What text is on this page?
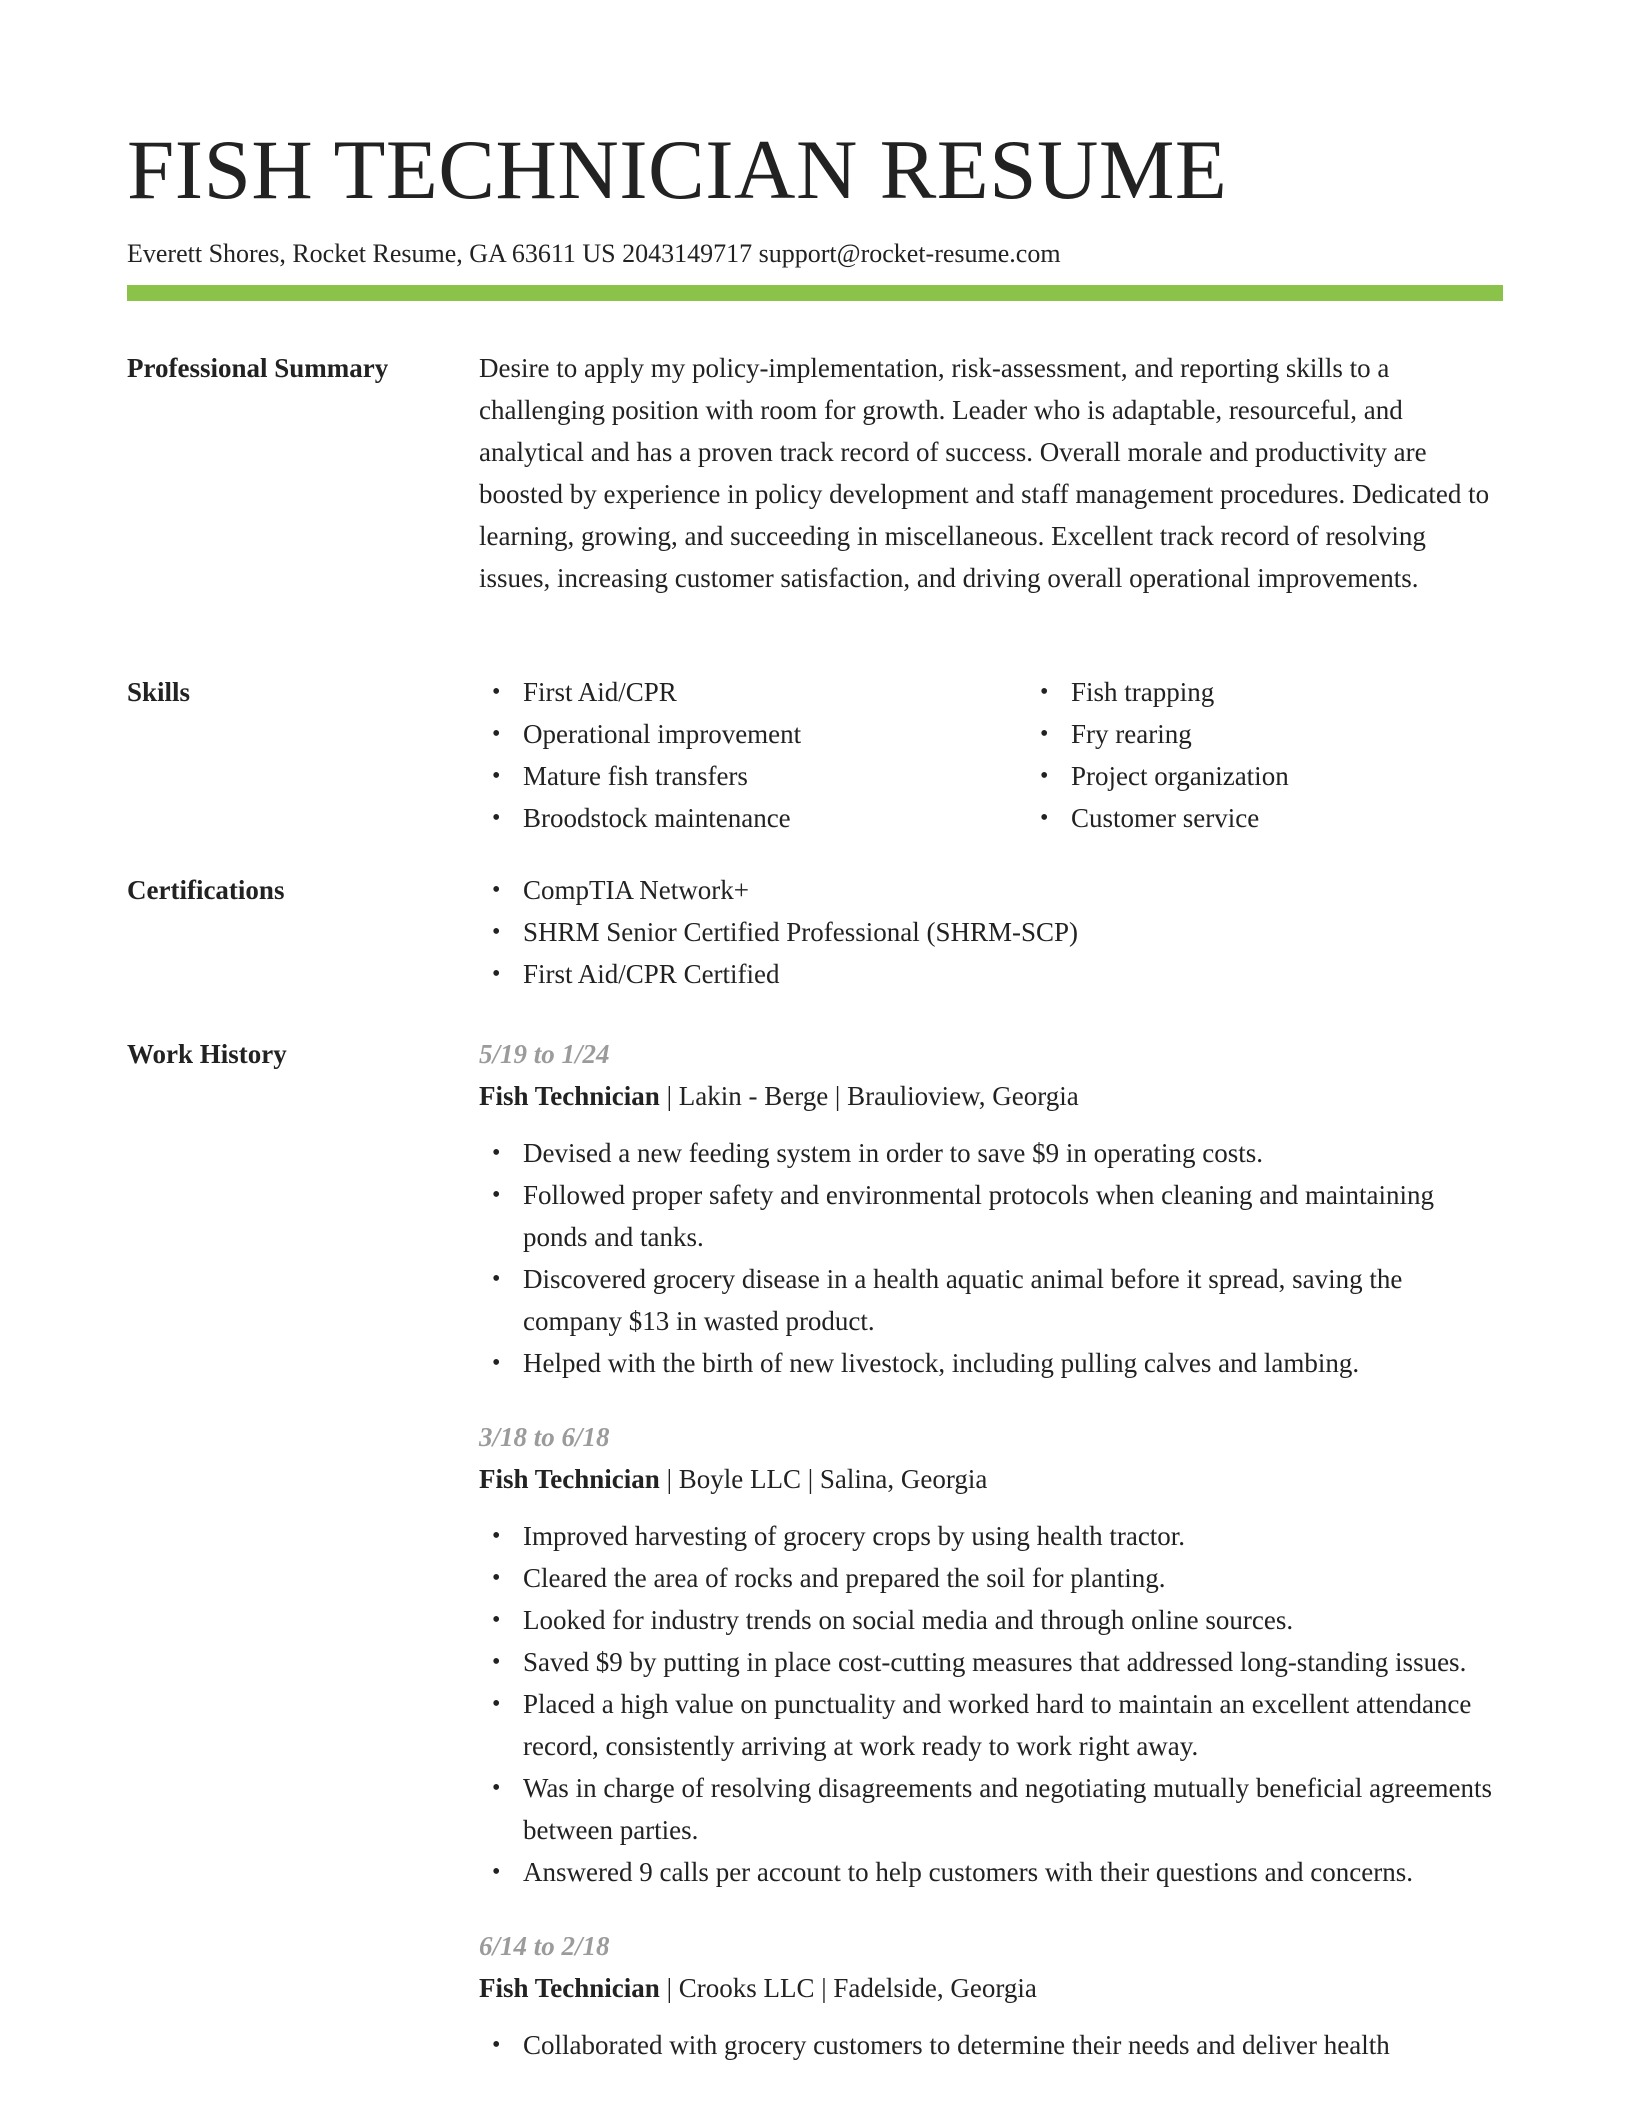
FISH TECHNICIAN RESUME
Everett Shores, Rocket Resume, GA 63611 US 2043149717 support@rocket-resume.com
Professional Summary	Desire to apply my policy-implementation, risk-assessment, and reporting skills to a challenging position with room for growth. Leader who is adaptable, resourceful, and analytical and has a proven track record of success. Overall morale and productivity are boosted by experience in policy development and staff management procedures. Dedicated to learning, growing, and succeeding in miscellaneous. Excellent track record of resolving issues, increasing customer satisfaction, and driving overall operational improvements.

Skills	• First Aid/CPR
• Operational improvement
• Mature fish transfers
• Broodstock maintenance
• Fish trapping
• Fry rearing
• Project organization
• Customer service
Certifications	• CompTIA Network+
• SHRM Senior Certified Professional (SHRM-SCP)
• First Aid/CPR Certified
Work History	5/19 to 1/24
Fish Technician | Lakin - Berge | Braulioview, Georgia
• Devised a new feeding system in order to save $9 in operating costs.
• Followed proper safety and environmental protocols when cleaning and maintaining ponds and tanks.
• Discovered grocery disease in a health aquatic animal before it spread, saving the company $13 in wasted product.
• Helped with the birth of new livestock, including pulling calves and lambing.
3/18 to 6/18
Fish Technician | Boyle LLC | Salina, Georgia
• Improved harvesting of grocery crops by using health tractor.
• Cleared the area of rocks and prepared the soil for planting.
• Looked for industry trends on social media and through online sources.
• Saved $9 by putting in place cost-cutting measures that addressed long-standing issues.
• Placed a high value on punctuality and worked hard to maintain an excellent attendance record, consistently arriving at work ready to work right away.
• Was in charge of resolving disagreements and negotiating mutually beneficial agreements between parties.
• Answered 9 calls per account to help customers with their questions and concerns.
6/14 to 2/18
Fish Technician | Crooks LLC | Fadelside, Georgia
• Collaborated with grocery customers to determine their needs and deliver health
